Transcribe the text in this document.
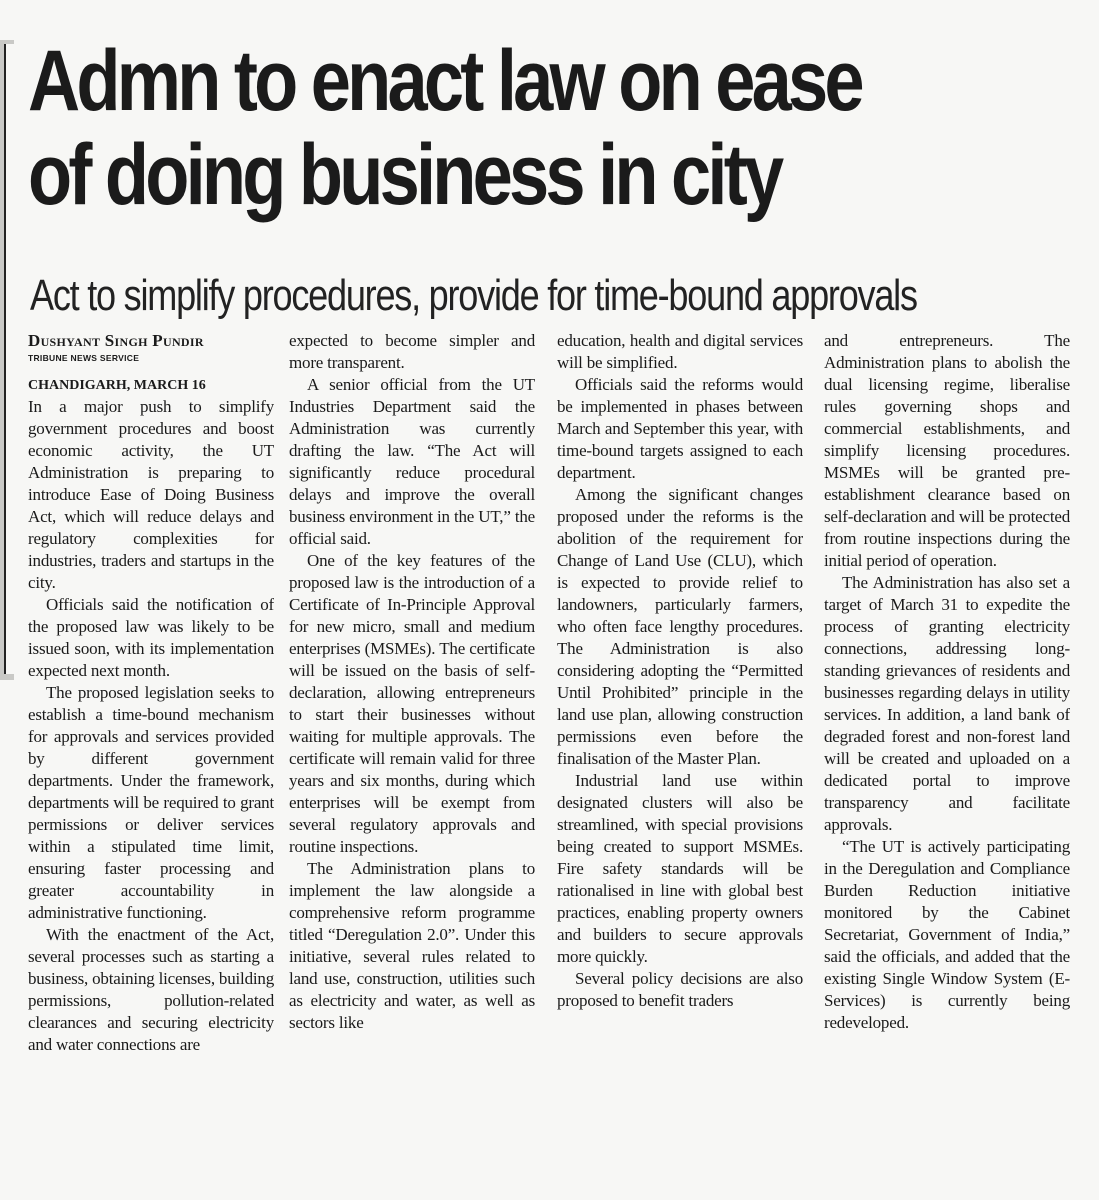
Admn to enact law on ease of doing business in city
Act to simplify procedures, provide for time-bound approvals

Dushyant Singh Pundir

TRIBUNE NEWS SERVICE

CHANDIGARH, MARCH 16

In a major push to simplify government procedures and boost economic activity, the UT Administration is preparing to introduce Ease of Doing Business Act, which will reduce delays and regulatory complexities for industries, traders and startups in the city.

Officials said the notification of the proposed law was likely to be issued soon, with its implementation expected next month.

The proposed legislation seeks to establish a time-bound mechanism for approvals and services provided by different government departments. Under the framework, departments will be required to grant permissions or deliver services within a stipulated time limit, ensuring faster processing and greater accountability in administrative functioning.

With the enactment of the Act, several processes such as starting a business, obtaining licenses, building permissions, pollution-related clearances and securing electricity and water connections are

expected to become simpler and more transparent.

A senior official from the UT Industries Department said the Administration was currently drafting the law. “The Act will significantly reduce procedural delays and improve the overall business environment in the UT,” the official said.

One of the key features of the proposed law is the introduction of a Certificate of In-Principle Approval for new micro, small and medium enterprises (MSMEs). The certificate will be issued on the basis of self-declaration, allowing entrepreneurs to start their businesses without waiting for multiple approvals. The certificate will remain valid for three years and six months, during which enterprises will be exempt from several regulatory approvals and routine inspections.

The Administration plans to implement the law alongside a comprehensive reform programme titled “Deregulation 2.0”. Under this initiative, several rules related to land use, construction, utilities such as electricity and water, as well as sectors like

education, health and digital services will be simplified.

Officials said the reforms would be implemented in phases between March and September this year, with time-bound targets assigned to each department.

Among the significant changes proposed under the reforms is the abolition of the requirement for Change of Land Use (CLU), which is expected to provide relief to landowners, particularly farmers, who often face lengthy procedures. The Administration is also considering adopting the “Permitted Until Prohibited” principle in the land use plan, allowing construction permissions even before the finalisation of the Master Plan.

Industrial land use within designated clusters will also be streamlined, with special provisions being created to support MSMEs. Fire safety standards will be rationalised in line with global best practices, enabling property owners and builders to secure approvals more quickly.

Several policy decisions are also proposed to benefit traders

and entrepreneurs. The Administration plans to abolish the dual licensing regime, liberalise rules governing shops and commercial establishments, and simplify licensing procedures. MSMEs will be granted pre-establishment clearance based on self-declaration and will be protected from routine inspections during the initial period of operation.

The Administration has also set a target of March 31 to expedite the process of granting electricity connections, addressing long-standing grievances of residents and businesses regarding delays in utility services. In addition, a land bank of degraded forest and non-forest land will be created and uploaded on a dedicated portal to improve transparency and facilitate approvals.

“The UT is actively participating in the Deregulation and Compliance Burden Reduction initiative monitored by the Cabinet Secretariat, Government of India,” said the officials, and added that the existing Single Window System (E-Services) is currently being redeveloped.
